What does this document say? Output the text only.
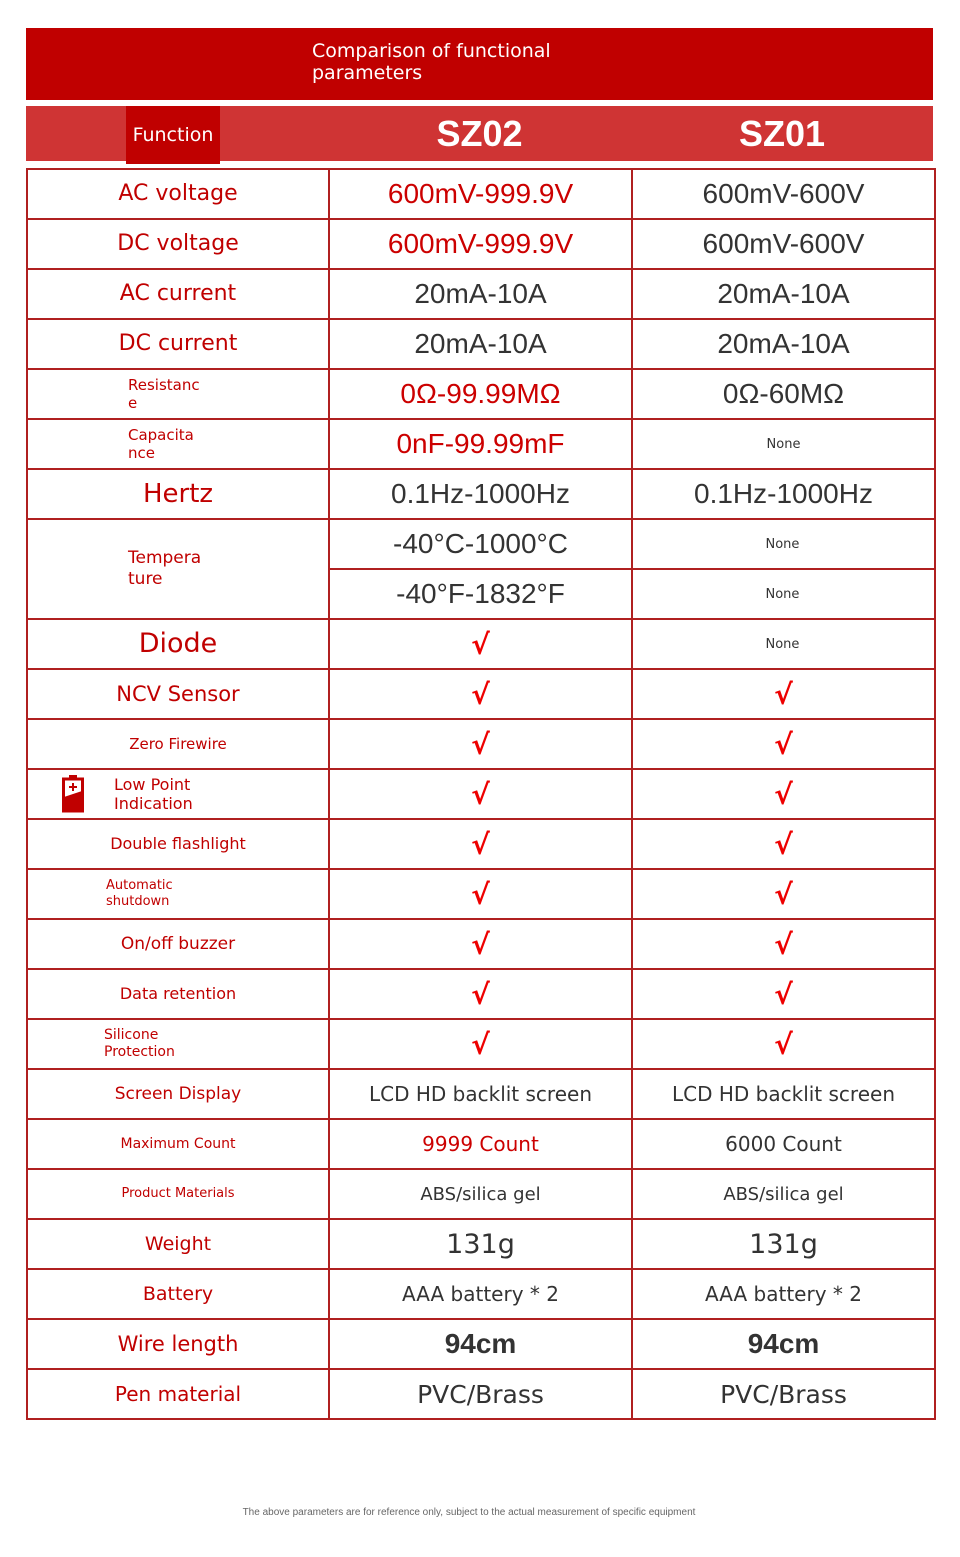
Comparison of functional parameters
Function	SZ02	SZ01
AC voltage	600mV-999.9V	600mV-600V
DC voltage	600mV-999.9V	600mV-600V
AC current	20mA-10A	20mA-10A
DC current	20mA-10A	20mA-10A

Resistance	0Ω-99.99MΩ	0Ω-60MΩ

Capacitance	0nF-99.99mF	None
Hertz	0.1Hz-1000Hz	0.1Hz-1000Hz

Temperature	-40°C-1000°C	None

	-40°F-1832°F	None

Diode	√	None

NCV Sensor	√	√
Zero Firewire	√	√

Low Point Indication	√	√
Double flashlight	√	√

Automatic shutdown	√	√
On/off buzzer	√	√
Data retention	√	√

Silicone Protection	√	√
Screen Display	LCD HD backlit screen	LCD HD backlit screen
Maximum Count	9999 Count	6000 Count
Product Materials	ABS/silica gel	ABS/silica gel
Weight	131g	131g
Battery	AAA battery * 2	AAA battery * 2
Wire length	94cm	94cm
Pen material	PVC/Brass	PVC/Brass
The above parameters are for reference only, subject to the actual measurement of specific equipment
